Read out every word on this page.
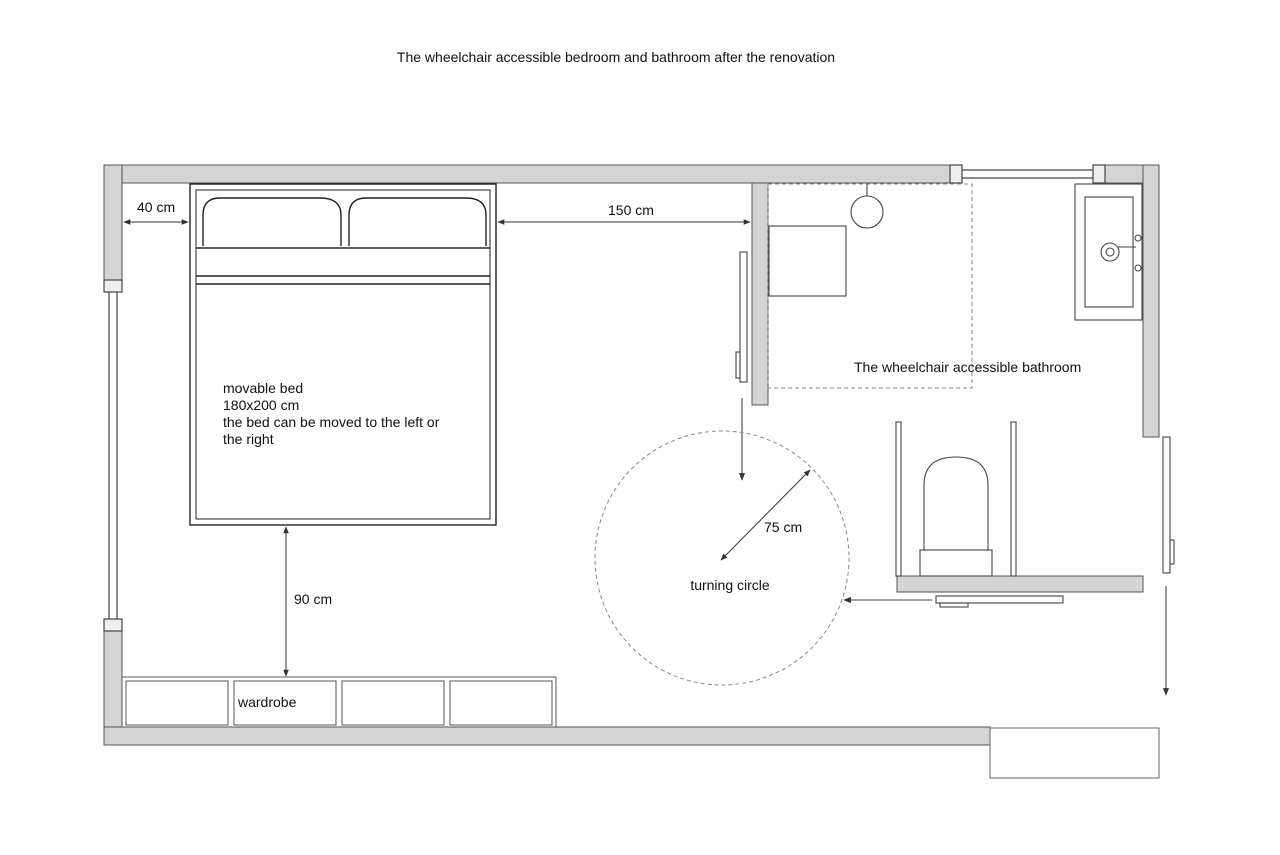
The wheelchair accessible bedroom and bathroom after the renovation
movable bed
180x200 cm
the bed can be moved to the left or
the right
wardrobe
40 cm	150 cm
90 cm
75 cm
The wheelchair accessible bathroom
turning circle
